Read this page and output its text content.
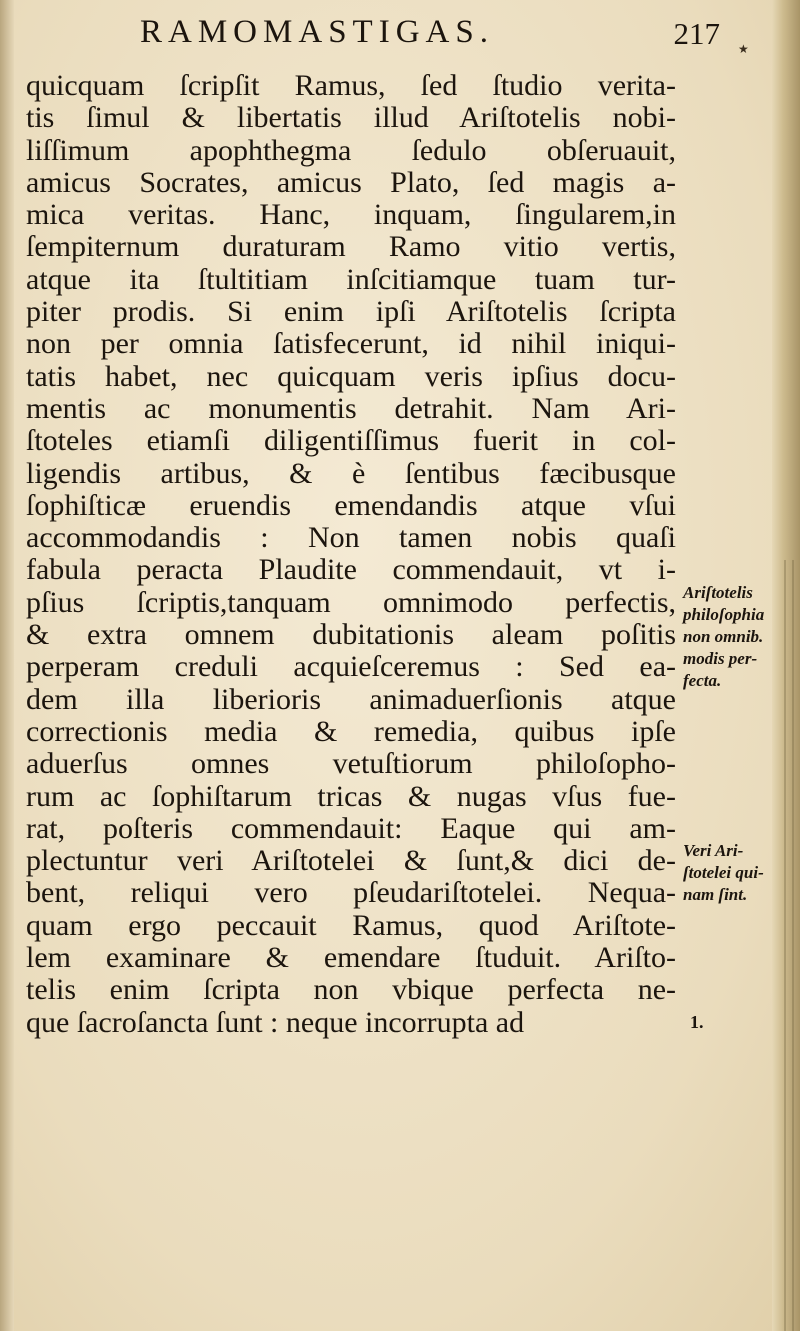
RAMOMASTIGAS.	217 ★
quicquam ſcripſit Ramus, ſed ſtudio verita-
tis ſimul & libertatis illud Ariſtotelis nobi-
liſſimum apophthegma ſedulo obſeruauit,
amicus Socrates, amicus Plato, ſed magis a-
mica veritas. Hanc, inquam, ſingularem,in
ſempiternum duraturam Ramo vitio vertis,
atque ita ſtultitiam inſcitiamque tuam tur-
piter prodis. Si enim ipſi Ariſtotelis ſcripta
non per omnia ſatisfecerunt, id nihil iniqui-
tatis habet, nec quicquam veris ipſius docu-
mentis ac monumentis detrahit. Nam Ari-
ſtoteles etiamſi diligentiſſimus fuerit in col-
ligendis artibus, & è ſentibus fæcibusque
ſophiſticæ eruendis emendandis atque vſui
accommodandis : Non tamen nobis quaſi
fabula peracta Plaudite commendauit, vt i-
pſius ſcriptis,tanquam omnimodo perfectis,
& extra omnem dubitationis aleam poſitis
perperam creduli acquieſceremus : Sed ea-
dem illa liberioris animaduerſionis atque
correctionis media & remedia, quibus ipſe
aduerſus omnes vetuſtiorum philoſopho-
rum ac ſophiſtarum tricas & nugas vſus fue-
rat, poſteris commendauit: Eaque qui am-
plectuntur veri Ariſtotelei & ſunt,& dici de-
bent, reliqui vero pſeudariſtotelei. Nequa-
quam ergo peccauit Ramus, quod Ariſtote-
lem examinare & emendare ſtuduit. Ariſto-
telis enim ſcripta non vbique perfecta ne-
que ſacroſancta ſunt : neque incorrupta ad
Ariſtotelis
philoſophia
non omnib.
modis per-
fecta.
Veri Ari-
ſtotelei qui-
nam ſint.
1.
